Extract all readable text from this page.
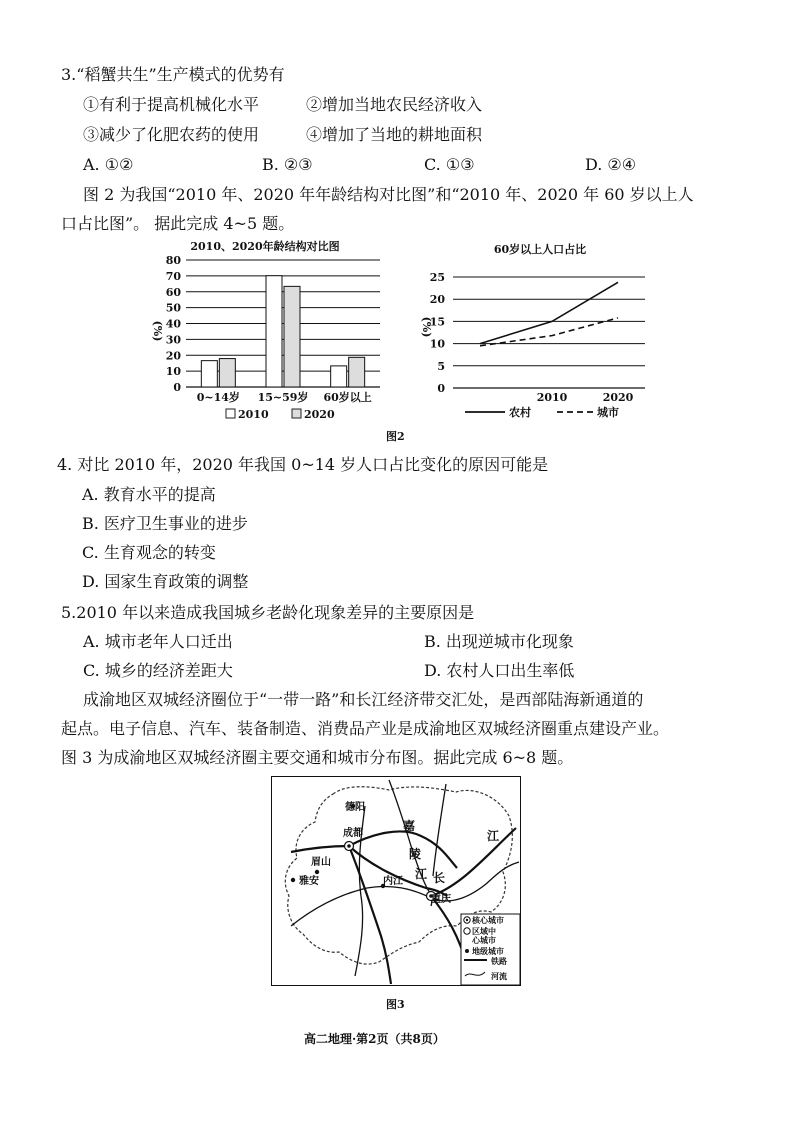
3.“稻蟹共生”生产模式的优势有
①有利于提高机械化水平	②增加当地农民经济收入
③减少了化肥农药的使用	④增加了当地的耕地面积
A. ①②	B. ②③	C. ①③	D. ②④
图 2 为我国“2010 年、2020 年年龄结构对比图”和“2010 年、2020 年 60 岁以上人
口占比图”。 据此完成 4~5 题。
2010、2020年龄结构对比图
0
10
20
30
40
50
60
70
80
0~14岁 15~59岁 60岁以上
(%)
2010	2020
60岁以上人口占比
0
5
10
15
20
25
2010	2020
(%)
农村	城市
图2
4. 对比 2010 年，2020 年我国 0~14 岁人口占比变化的原因可能是
A. 教育水平的提高
B. 医疗卫生事业的进步
C. 生育观念的转变
D. 国家生育政策的调整
5.2010 年以来造成我国城乡老龄化现象差异的主要原因是
A. 城市老年人口迁出	B. 出现逆城市化现象
C. 城乡的经济差距大	D. 农村人口出生率低
成渝地区双城经济圈位于“一带一路”和长江经济带交汇处，是西部陆海新通道的
起点。电子信息、汽车、装备制造、消费品产业是成渝地区双城经济圈重点建设产业。
图 3 为成渝地区双城经济圈主要交通和城市分布图。据此完成 6~8 题。
德阳
成都
眉山
雅安	内江
重庆
嘉
陵
江 长
江
核心城市
区域中
心城市
地级城市
铁路
河流
图3
高二地理·第2页（共8页）
